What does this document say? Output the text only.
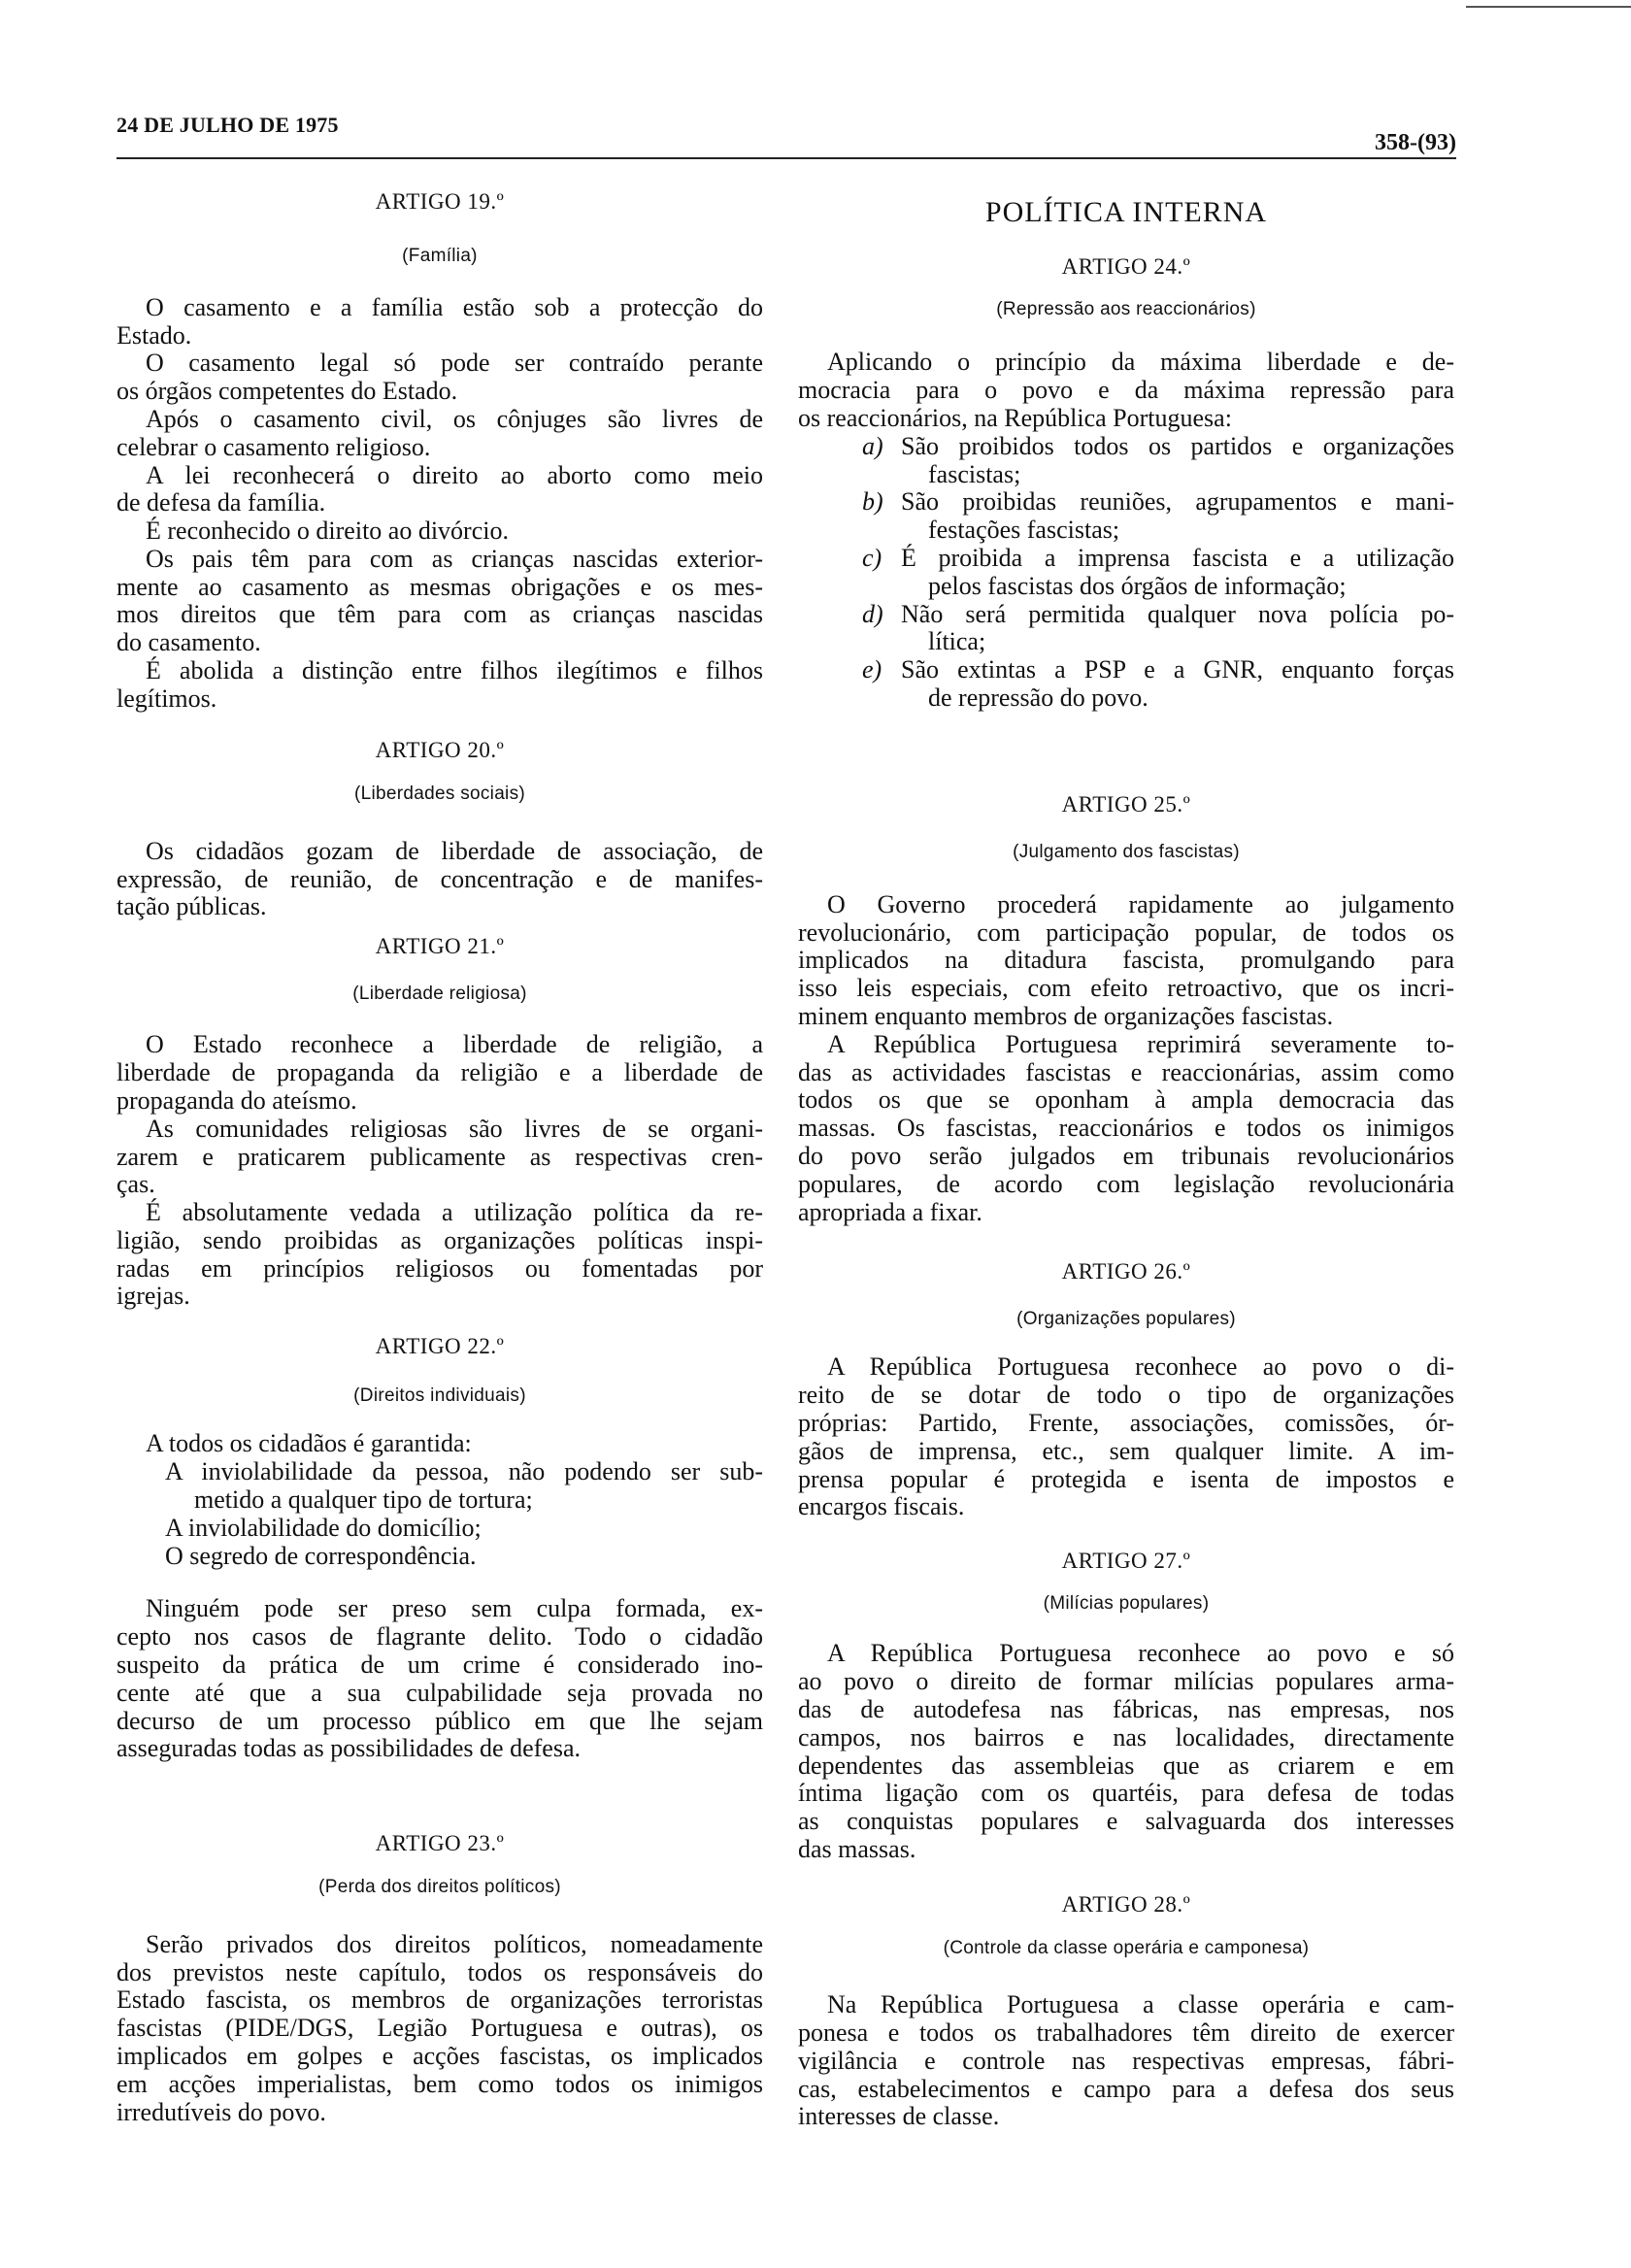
24 DE JULHO DE 1975
358-(93)
ARTIGO 19.º
(Família)
O casamento e a família estão sob a protecção do
Estado.
O casamento legal só pode ser contraído perante
os órgãos competentes do Estado.
Após o casamento civil, os cônjuges são livres de
celebrar o casamento religioso.
A lei reconhecerá o direito ao aborto como meio
de defesa da família.
É reconhecido o direito ao divórcio.
Os pais têm para com as crianças nascidas exterior-
mente ao casamento as mesmas obrigações e os mes-
mos direitos que têm para com as crianças nascidas
do casamento.
É abolida a distinção entre filhos ilegítimos e filhos
legítimos.
ARTIGO 20.º
(Liberdades sociais)
Os cidadãos gozam de liberdade de associação, de
expressão, de reunião, de concentração e de manifes-
tação públicas.
ARTIGO 21.º
(Liberdade religiosa)
O Estado reconhece a liberdade de religião, a
liberdade de propaganda da religião e a liberdade de
propaganda do ateísmo.
As comunidades religiosas são livres de se organi-
zarem e praticarem publicamente as respectivas cren-
ças.
É absolutamente vedada a utilização política da re-
ligião, sendo proibidas as organizações políticas inspi-
radas em princípios religiosos ou fomentadas por
igrejas.
ARTIGO 22.º
(Direitos individuais)
A todos os cidadãos é garantida:
A inviolabilidade da pessoa, não podendo ser sub-
metido a qualquer tipo de tortura;
A inviolabilidade do domicílio;
O segredo de correspondência.
Ninguém pode ser preso sem culpa formada, ex-
cepto nos casos de flagrante delito. Todo o cidadão
suspeito da prática de um crime é considerado ino-
cente até que a sua culpabilidade seja provada no
decurso de um processo público em que lhe sejam
asseguradas todas as possibilidades de defesa.
ARTIGO 23.º
(Perda dos direitos políticos)
Serão privados dos direitos políticos, nomeadamente
dos previstos neste capítulo, todos os responsáveis do
Estado fascista, os membros de organizações terroristas
fascistas (PIDE/DGS, Legião Portuguesa e outras), os
implicados em golpes e acções fascistas, os implicados
em acções imperialistas, bem como todos os inimigos
irredutíveis do povo.
POLÍTICA INTERNA
ARTIGO 24.º
(Repressão aos reaccionários)
Aplicando o princípio da máxima liberdade e de-
mocracia para o povo e da máxima repressão para
os reaccionários, na República Portuguesa:
a) São proibidos todos os partidos e organizações
fascistas;
b) São proibidas reuniões, agrupamentos e mani-
festações fascistas;
c) É proibida a imprensa fascista e a utilização
pelos fascistas dos órgãos de informação;
d) Não será permitida qualquer nova polícia po-
lítica;
e) São extintas a PSP e a GNR, enquanto forças
de repressão do povo.
ARTIGO 25.º
(Julgamento dos fascistas)
O Governo procederá rapidamente ao julgamento
revolucionário, com participação popular, de todos os
implicados na ditadura fascista, promulgando para
isso leis especiais, com efeito retroactivo, que os incri-
minem enquanto membros de organizações fascistas.
A República Portuguesa reprimirá severamente to-
das as actividades fascistas e reaccionárias, assim como
todos os que se oponham à ampla democracia das
massas. Os fascistas, reaccionários e todos os inimigos
do povo serão julgados em tribunais revolucionários
populares, de acordo com legislação revolucionária
apropriada a fixar.
ARTIGO 26.º
(Organizações populares)
A República Portuguesa reconhece ao povo o di-
reito de se dotar de todo o tipo de organizações
próprias: Partido, Frente, associações, comissões, ór-
gãos de imprensa, etc., sem qualquer limite. A im-
prensa popular é protegida e isenta de impostos e
encargos fiscais.
ARTIGO 27.º
(Milícias populares)
A República Portuguesa reconhece ao povo e só
ao povo o direito de formar milícias populares arma-
das de autodefesa nas fábricas, nas empresas, nos
campos, nos bairros e nas localidades, directamente
dependentes das assembleias que as criarem e em
íntima ligação com os quartéis, para defesa de todas
as conquistas populares e salvaguarda dos interesses
das massas.
ARTIGO 28.º
(Controle da classe operária e camponesa)
Na República Portuguesa a classe operária e cam-
ponesa e todos os trabalhadores têm direito de exercer
vigilância e controle nas respectivas empresas, fábri-
cas, estabelecimentos e campo para a defesa dos seus
interesses de classe.
